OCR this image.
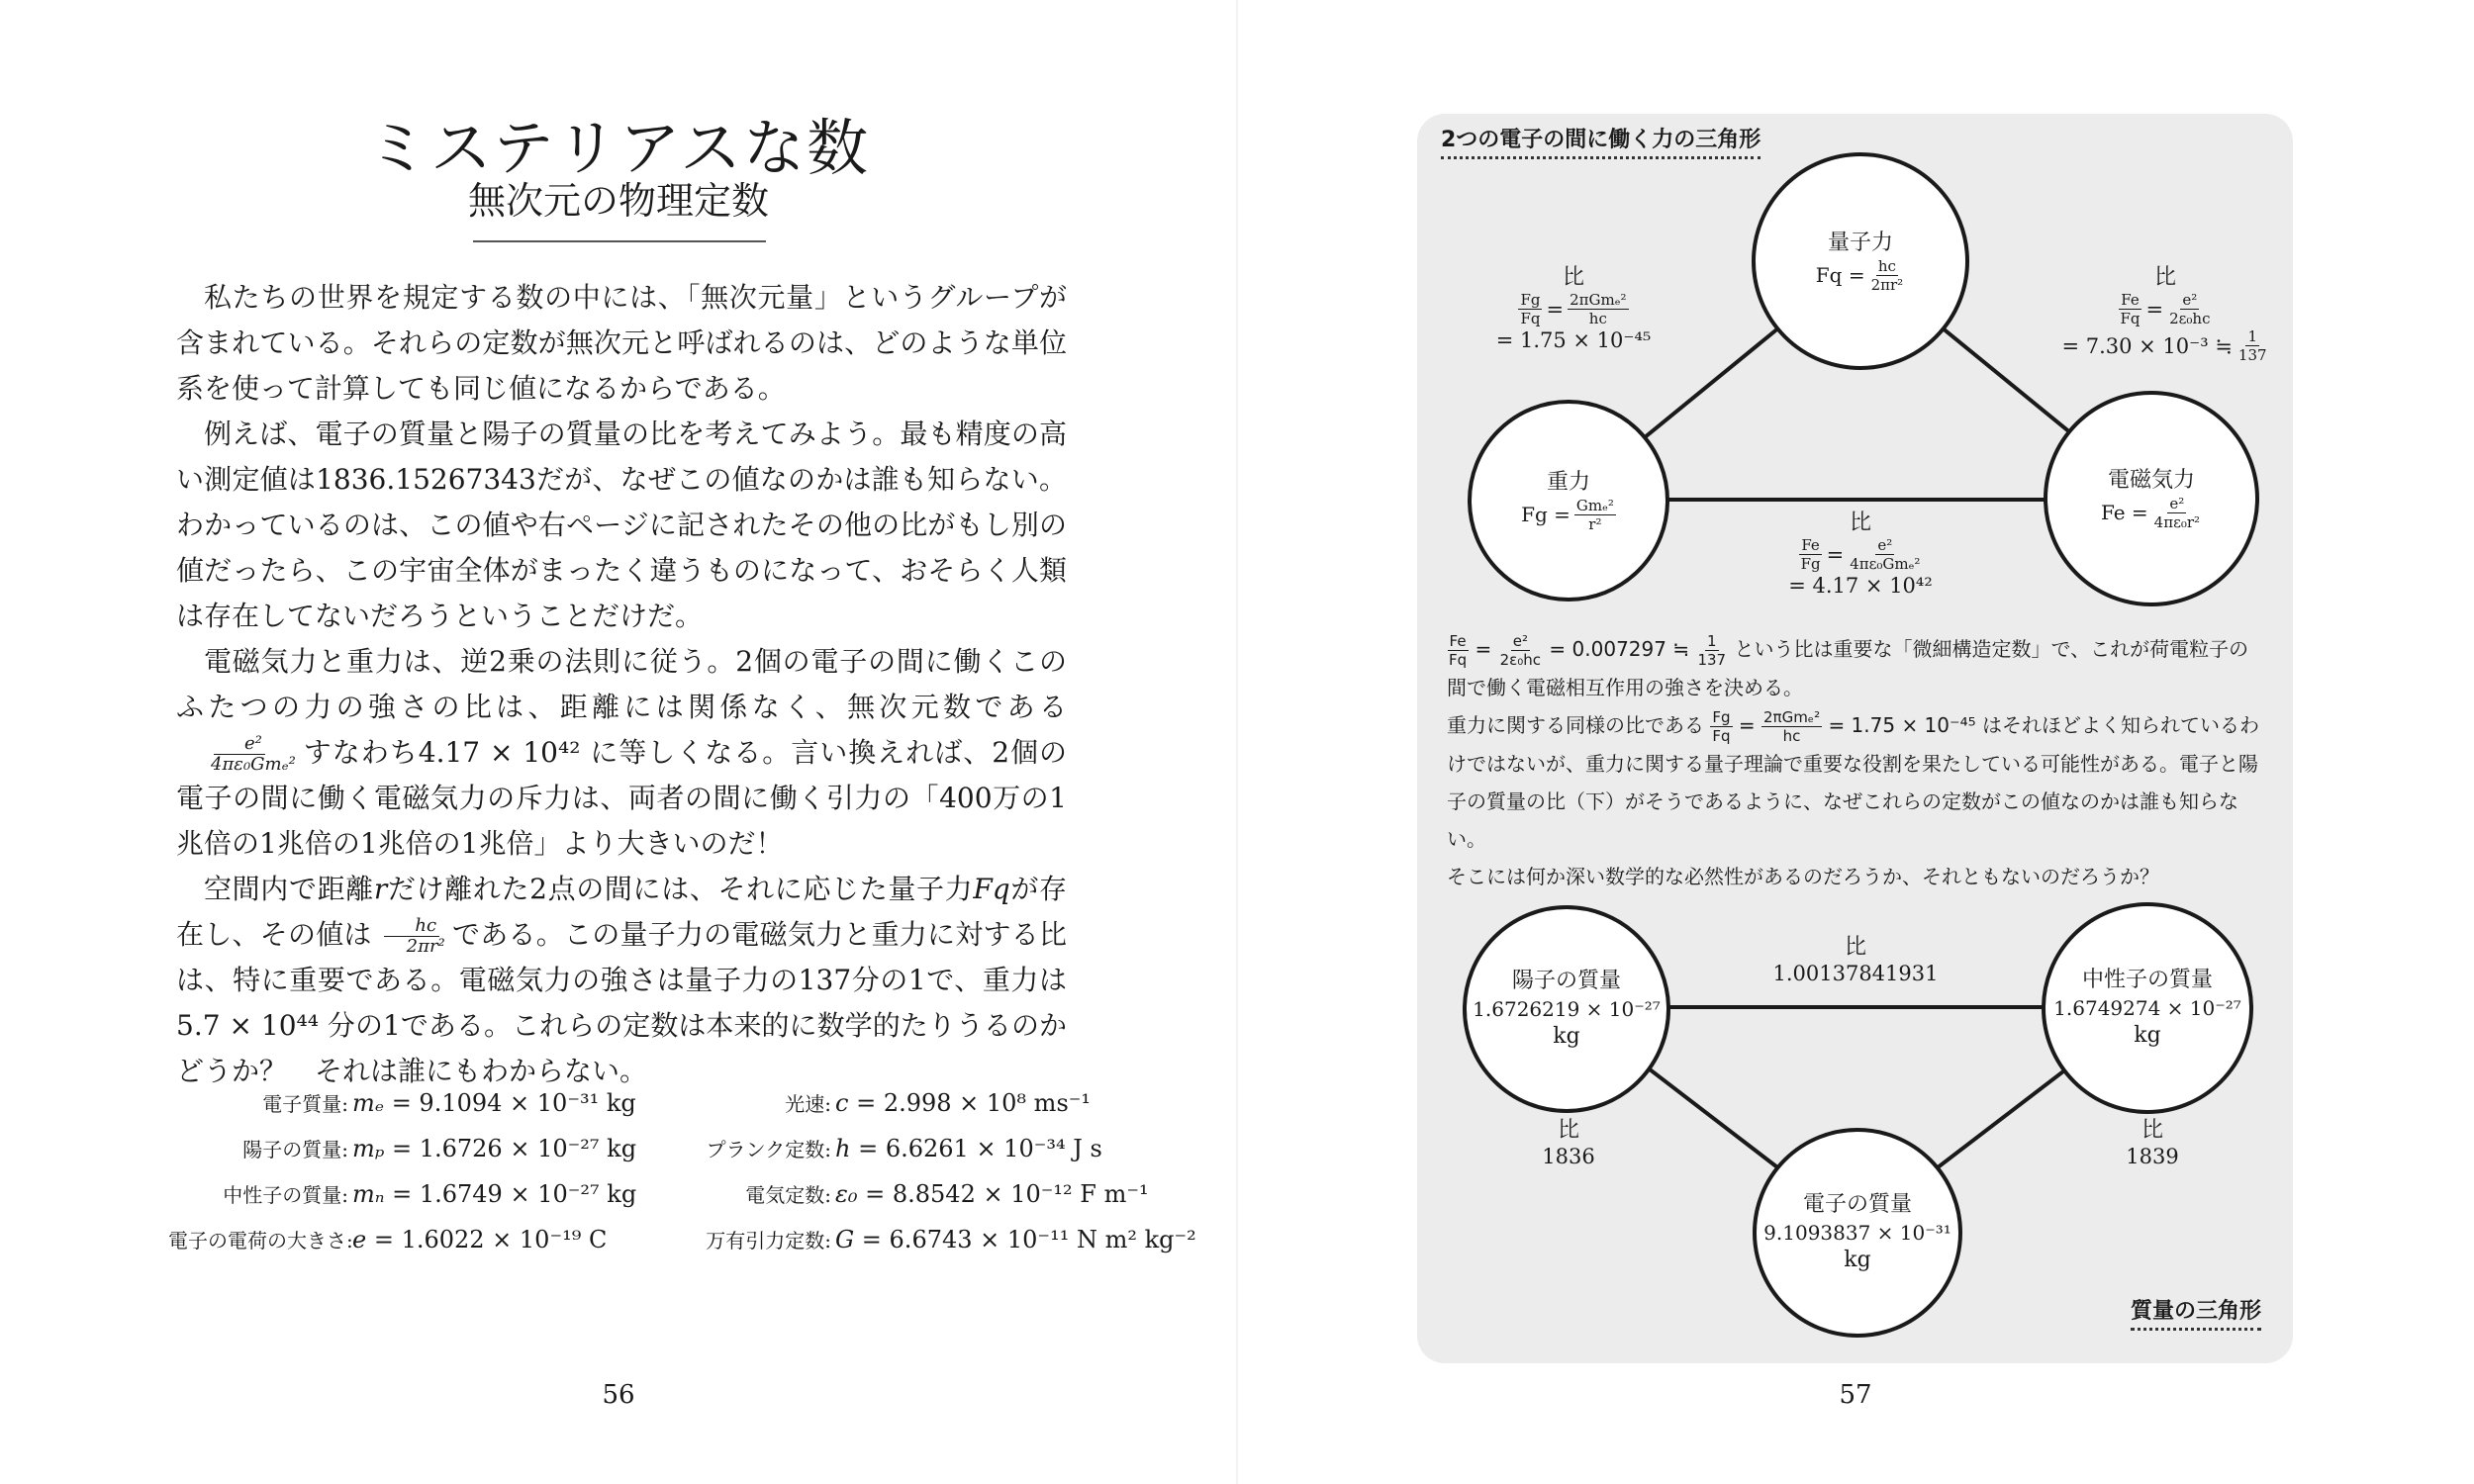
ミステリアスな数
無次元の物理定数

私たちの世界を規定する数の中には、「無次元量」というグループが含まれている。それらの定数が無次元と呼ばれるのは、どのような単位系を使って計算しても同じ値になるからである。

例えば、電子の質量と陽子の質量の比を考えてみよう。最も精度の高い測定値は1836.15267343だが、なぜこの値なのかは誰も知らない。わかっているのは、この値や右ページに記されたその他の比がもし別の値だったら、この宇宙全体がまったく違うものになって、おそらく人類は存在してないだろうということだけだ。

電磁気力と重力は、逆2乗の法則に従う。2個の電子の間に働くこのふたつの力の強さの比は、距離には関係なく、無次元数である
$\frac{\text{e²}}{\text{4πε₀Gmₑ²}}$ すなわち4.17 × 10⁴² に等しくなる。言い換えれば、2個の電子の間に働く電磁気力の斥力は、両者の間に働く引力の「400万の1兆倍の1兆倍の1兆倍の1兆倍」より大きいのだ！

空間内で距離rだけ離れた2点の間には、それに応じた量子力Fqが存在し、その値は $\frac{hc}{\text{2πr²}}$ である。この量子力の電磁気力と重力に対する比は、特に重要である。電磁気力の強さは量子力の137分の1で、重力は5.7 × 10⁴⁴ 分の1である。これらの定数は本来的に数学的たりうるのかどうか？　それは誰にもわからない。

電子質量: mₑ = 9.1094 × 10⁻³¹ kg	光速: c = 2.998 × 10⁸ ms⁻¹
陽子の質量: mₚ = 1.6726 × 10⁻²⁷ kg	プランク定数: h = 6.6261 × 10⁻³⁴ J s
中性子の質量: mₙ = 1.6749 × 10⁻²⁷ kg	電気定数: ε₀ = 8.8542 × 10⁻¹² F m⁻¹
電子の電荷の大きさ:e = 1.6022 × 10⁻¹⁹ C	万有引力定数: G = 6.6743 × 10⁻¹¹ N m² kg⁻²
56
2つの電子の間に働く力の三角形
量子力
$Fq = \frac{hc}{\text{2πr²}}$
重力
$Fg = \frac{\text{Gmₑ²}}{\text{r²}}$
電磁気力
$Fe = \frac{\text{e²}}{\text{4πε₀r²}}$
比
$\frac{Fg}{Fq} = \frac{\text{2πGmₑ²}}{hc}$
= 1.75 × 10⁻⁴⁵
比
$\frac{Fe}{Fq} = \frac{\text{e²}}{\text{2ε₀hc}}$
= 7.30 × 10⁻³ ≒ $\frac{1}{137}$
比
$\frac{Fe}{Fg} = \frac{\text{e²}}{\text{4πε₀Gmₑ²}}$
= 4.17 × 10⁴²

$\frac{Fe}{Fq} = \frac{\text{e²}}{\text{2ε₀hc}} = 0.007297$ ≒ $\frac{1}{137}$ という比は重要な「微細構造定数」で、これが荷電粒子の間で働く電磁相互作用の強さを決める。

重力に関する同様の比である $\frac{Fg}{Fq} = \frac{\text{2πGmₑ²}}{hc} = 1.75 \times 10^{-45}$ はそれほどよく知られているわけではないが、重力に関する量子理論で重要な役割を果たしている可能性がある。電子と陽子の質量の比（下）がそうであるように、なぜこれらの定数がこの値なのかは誰も知らない。

そこには何か深い数学的な必然性があるのだろうか、それともないのだろうか？

陽子の質量
1.6726219 × 10⁻²⁷
kg
中性子の質量
1.6749274 × 10⁻²⁷
kg
電子の質量
9.1093837 × 10⁻³¹
kg
比
1.00137841931
比
1836
比
1839
質量の三角形
57
